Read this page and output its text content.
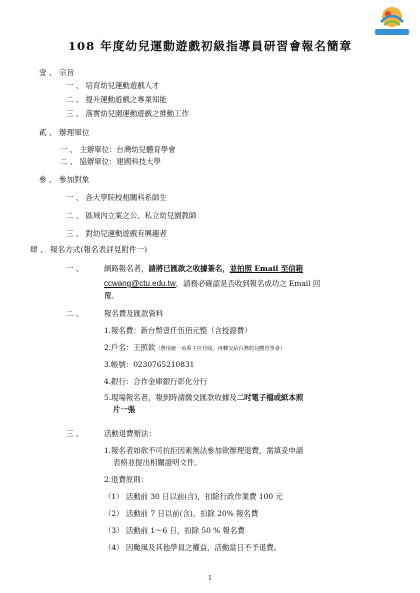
108 年度幼兒運動遊戲初級指導員研習會報名簡章
壹 、 宗旨
一 、 培育幼兒運動遊戲人才
二 、 提升運動遊戲之專業知能
三 、 落實幼兒園運動遊戲之推動工作
貳 、 辦理單位
一 、 主辦單位：台灣幼兒體育學會
二 、 協辦單位：建國科技大學
參 、 參加對象
一 、 各大學院校相關科系師生
二 、 區域內立案之公、私立幼兒園教師
三 、 對幼兒運動遊戲有興趣者
肆 、 報名方式(報名表詳見附件一)
一 、	網路報名者，請將已匯款之收據簽名，並拍照 Email 至信箱
ccwang@ctu.edu.tw，請務必確認是否收到報名成功之 Email 回
覆。
二 、	報名費及匯款資料
1.報名費：新台幣壹仟伍佰元整（含授證費）
2.戶名：王照欽（費用統一由系主任代收，再轉交給台灣幼兒體育學會）
3.帳號：0230765210831
4.銀行：合作金庫銀行彰化分行
5.現場報名者，報到時請繳交匯款收據及二吋電子檔或紙本照
片一張
三 、	活動退費辦法：
1.報名者如欲不可抗拒因素無法參加欲辦理退費，需填妥申請
表格並提出相關證明文件。
2.退費原則：
（1） 活動前 30 日以前(含)，扣除行政作業費 100 元
（2） 活動前 7 日以前(含)，扣除 20% 報名費
（3） 活動前 1～6 日，扣除 50 % 報名費
（4） 因颱風及其他學員之權益，活動當日不予退費。
1
